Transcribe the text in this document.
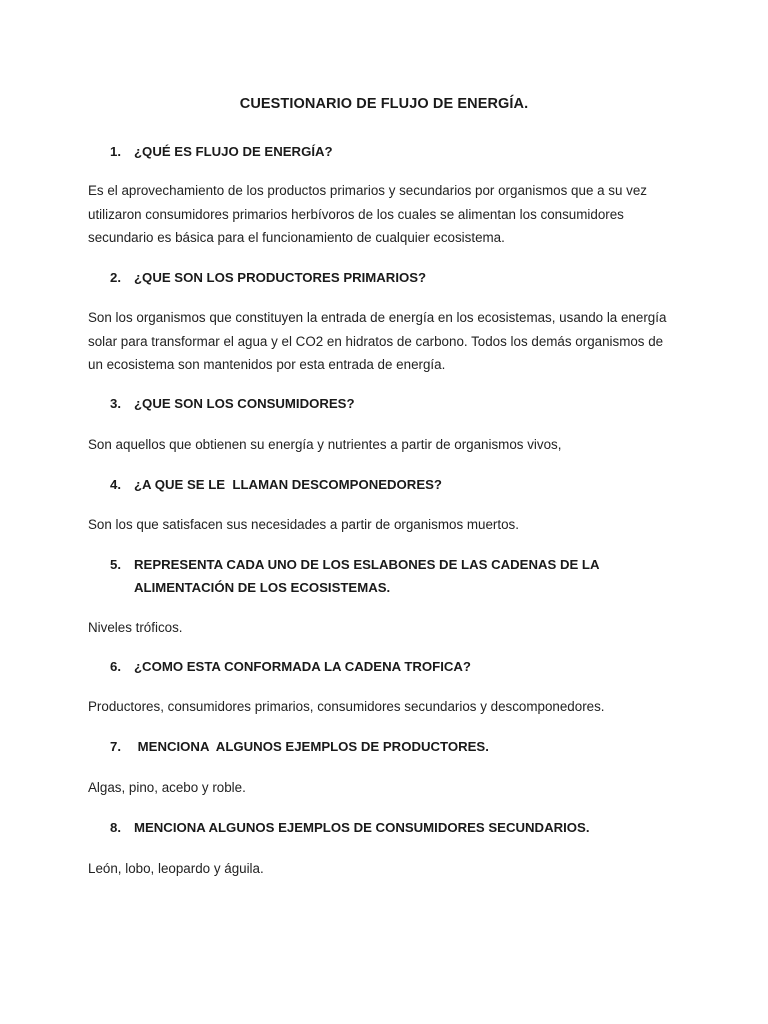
CUESTIONARIO DE FLUJO DE ENERGÍA.
1. ¿QUÉ ES FLUJO DE ENERGÍA?

Es el aprovechamiento de los productos primarios y secundarios por organismos que a su vez utilizaron consumidores primarios herbívoros de los cuales se alimentan los consumidores secundario es básica para el funcionamiento de cualquier ecosistema.

2. ¿QUE SON LOS PRODUCTORES PRIMARIOS?

Son los organismos que constituyen la entrada de energía en los ecosistemas, usando la energía solar para transformar el agua y el CO2 en hidratos de carbono. Todos los demás organismos de un ecosistema son mantenidos por esta entrada de energía.

3. ¿QUE SON LOS CONSUMIDORES?

Son aquellos que obtienen su energía y nutrientes a partir de organismos vivos,

4. ¿A QUE SE LE  LLAMAN DESCOMPONEDORES?

Son los que satisfacen sus necesidades a partir de organismos muertos.

5. REPRESENTA CADA UNO DE LOS ESLABONES DE LAS CADENAS DE LA ALIMENTACIÓN DE LOS ECOSISTEMAS.

Niveles tróficos.

6. ¿COMO ESTA CONFORMADA LA CADENA TROFICA?

Productores, consumidores primarios, consumidores secundarios y descomponedores.

7. MENCIONA  ALGUNOS EJEMPLOS DE PRODUCTORES.

Algas, pino, acebo y roble.

8. MENCIONA ALGUNOS EJEMPLOS DE CONSUMIDORES SECUNDARIOS.

León, lobo, leopardo y águila.
